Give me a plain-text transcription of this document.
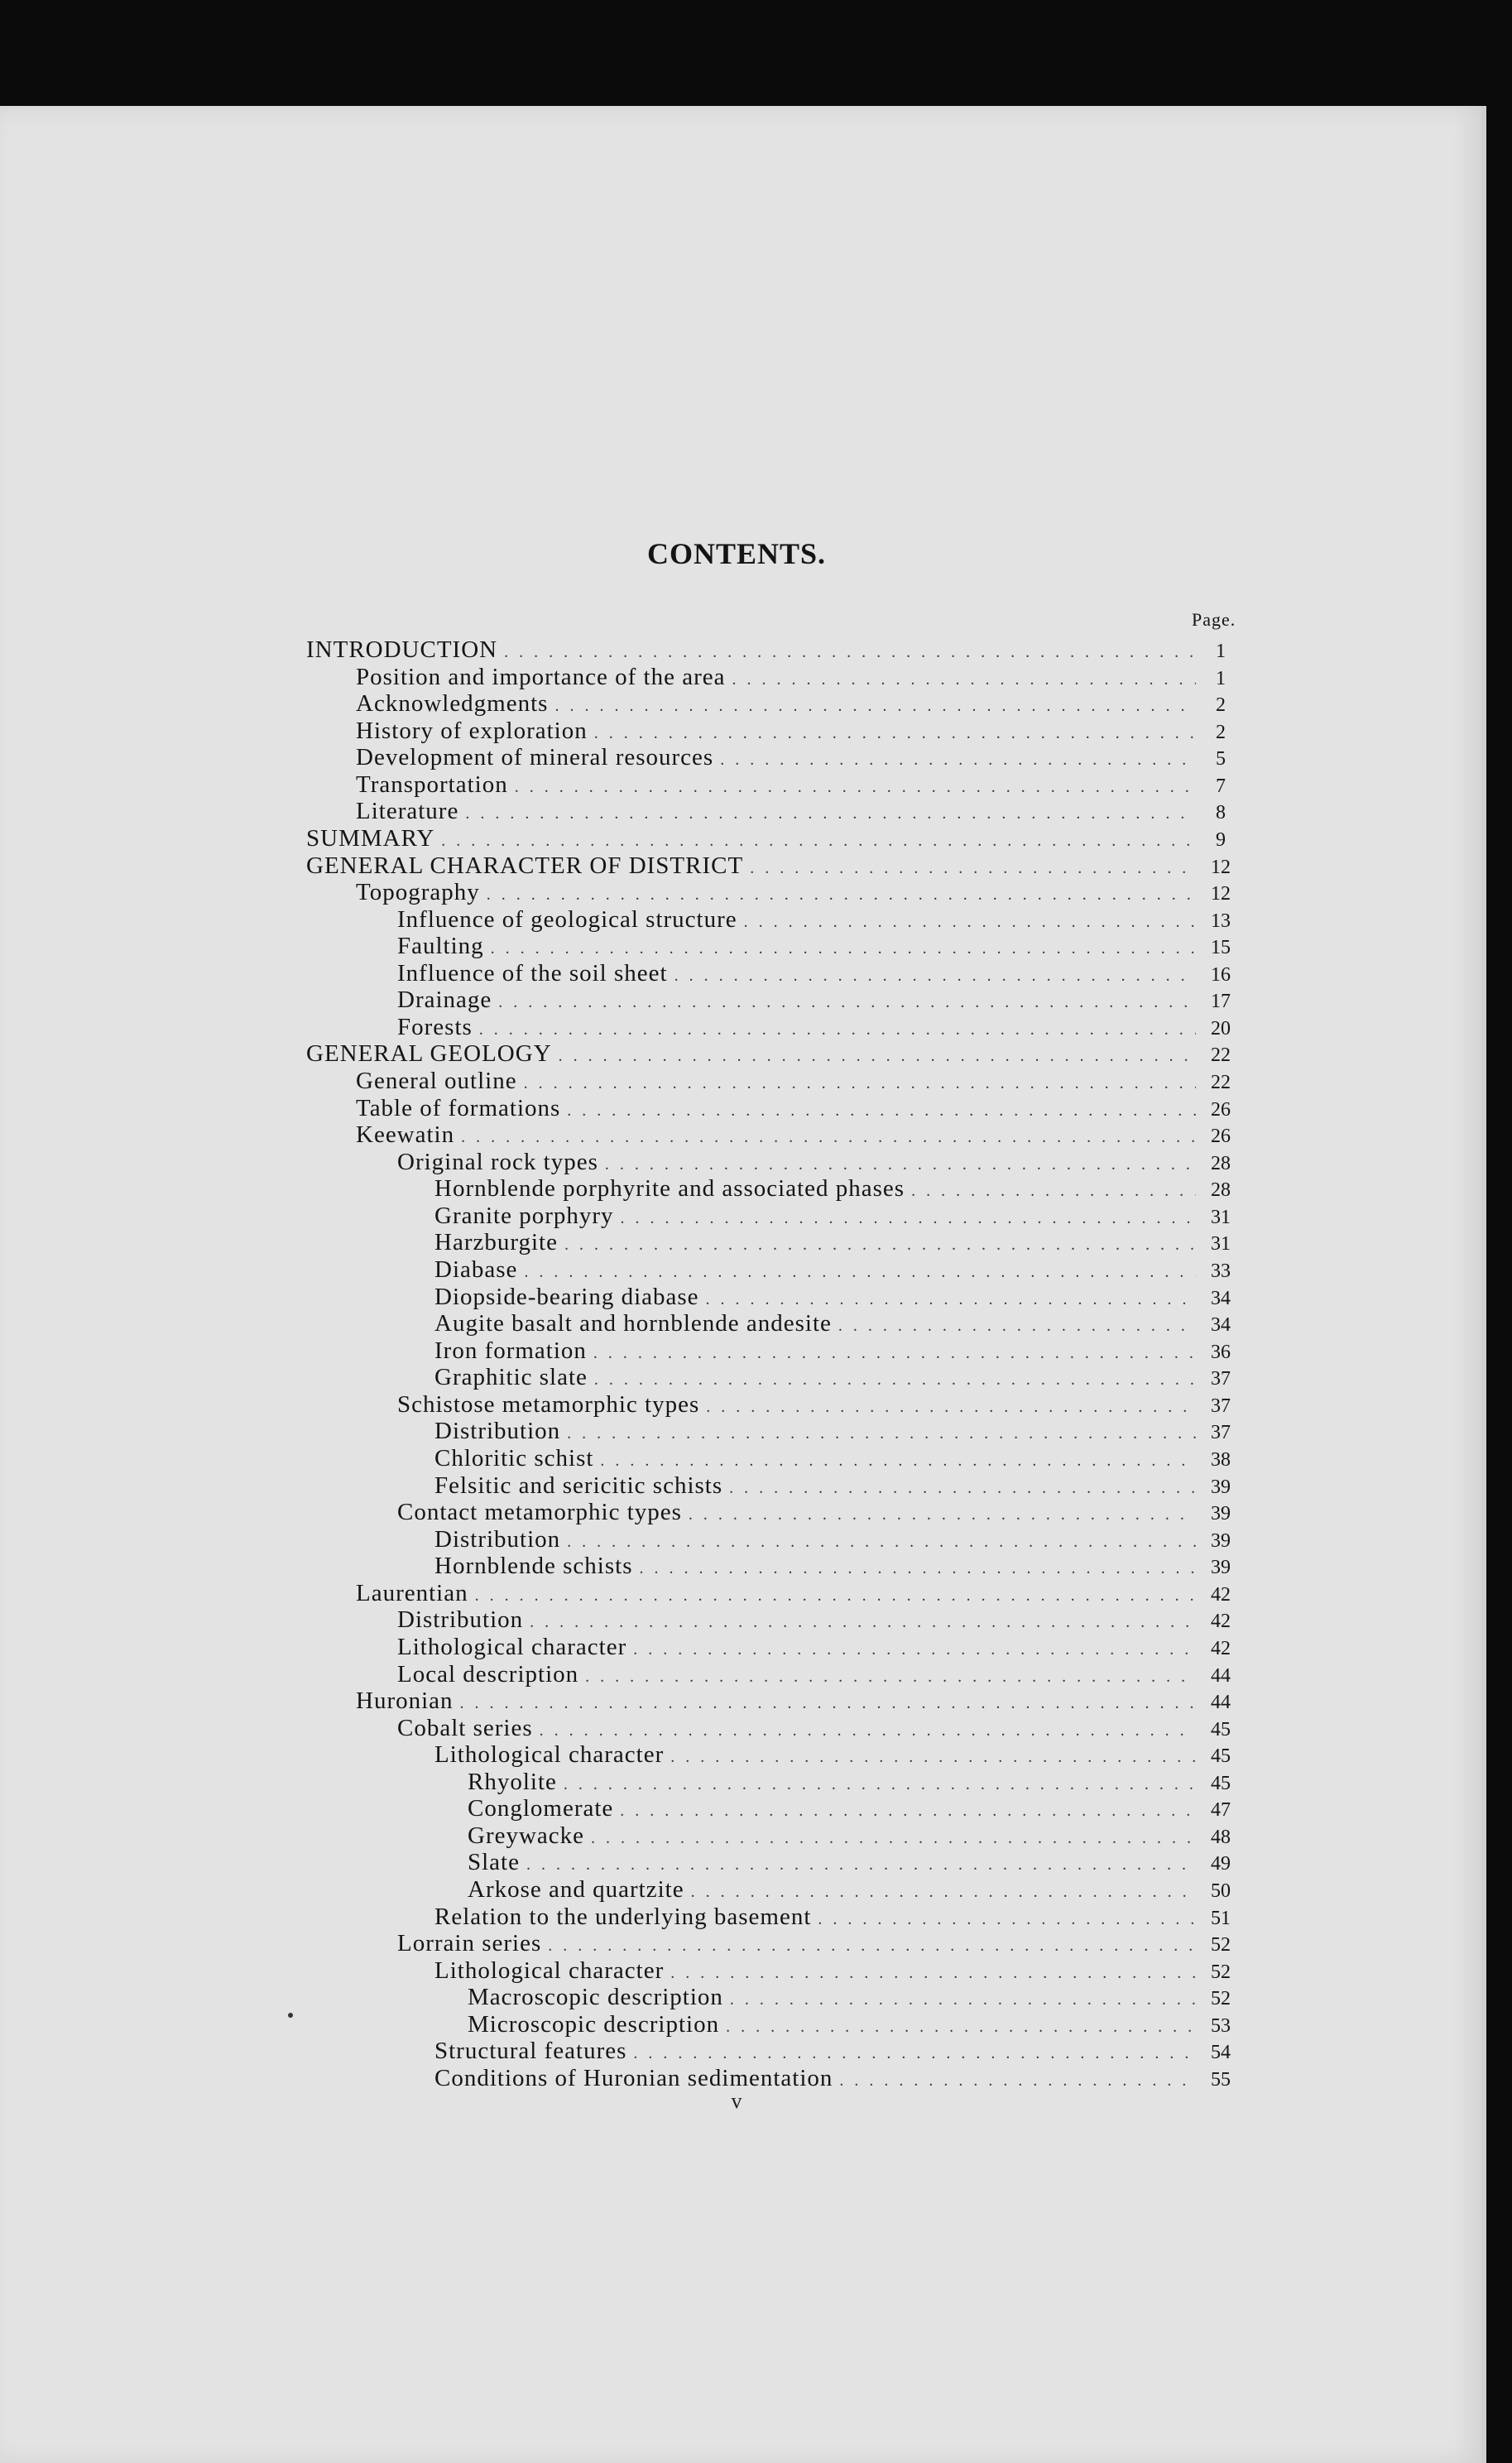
CONTENTS.
Page.
INTRODUCTION . . .	1
Position and importance of the area . . .	1
Acknowledgments . . .	2
History of exploration . . .	2
Development of mineral resources . . .	5
Transportation . . .	7
Literature . . .	8
SUMMARY . . .	9
GENERAL CHARACTER OF DISTRICT . . .	12
Topography . . .	12
Influence of geological structure . . .	13
Faulting . . .	15
Influence of the soil sheet . . .	16
Drainage . . .	17
Forests . . .	20
GENERAL GEOLOGY . . .	22
General outline . . .	22
Table of formations . . .	26
Keewatin . . .	26
Original rock types . . .	28
Hornblende porphyrite and associated phases . . .	28
Granite porphyry . . .	31
Harzburgite . . .	31
Diabase . . .	33
Diopside-bearing diabase . . .	34
Augite basalt and hornblende andesite . . .	34
Iron formation . . .	36
Graphitic slate . . .	37
Schistose metamorphic types . . .	37
Distribution . . .	37
Chloritic schist . . .	38
Felsitic and sericitic schists . . .	39
Contact metamorphic types . . .	39
Distribution . . .	39
Hornblende schists . . .	39
Laurentian . . .	42
Distribution . . .	42
Lithological character . . .	42
Local description . . .	44
Huronian . . .	44
Cobalt series . . .	45
Lithological character . . .	45
Rhyolite . . .	45
Conglomerate . . .	47
Greywacke . . .	48
Slate . . .	49
Arkose and quartzite . . .	50
Relation to the underlying basement . . .	51
Lorrain series . . .	52
Lithological character . . .	52
Macroscopic description . . .	52
Microscopic description . . .	53
Structural features . . .	54
Conditions of Huronian sedimentation . . .	55
v
